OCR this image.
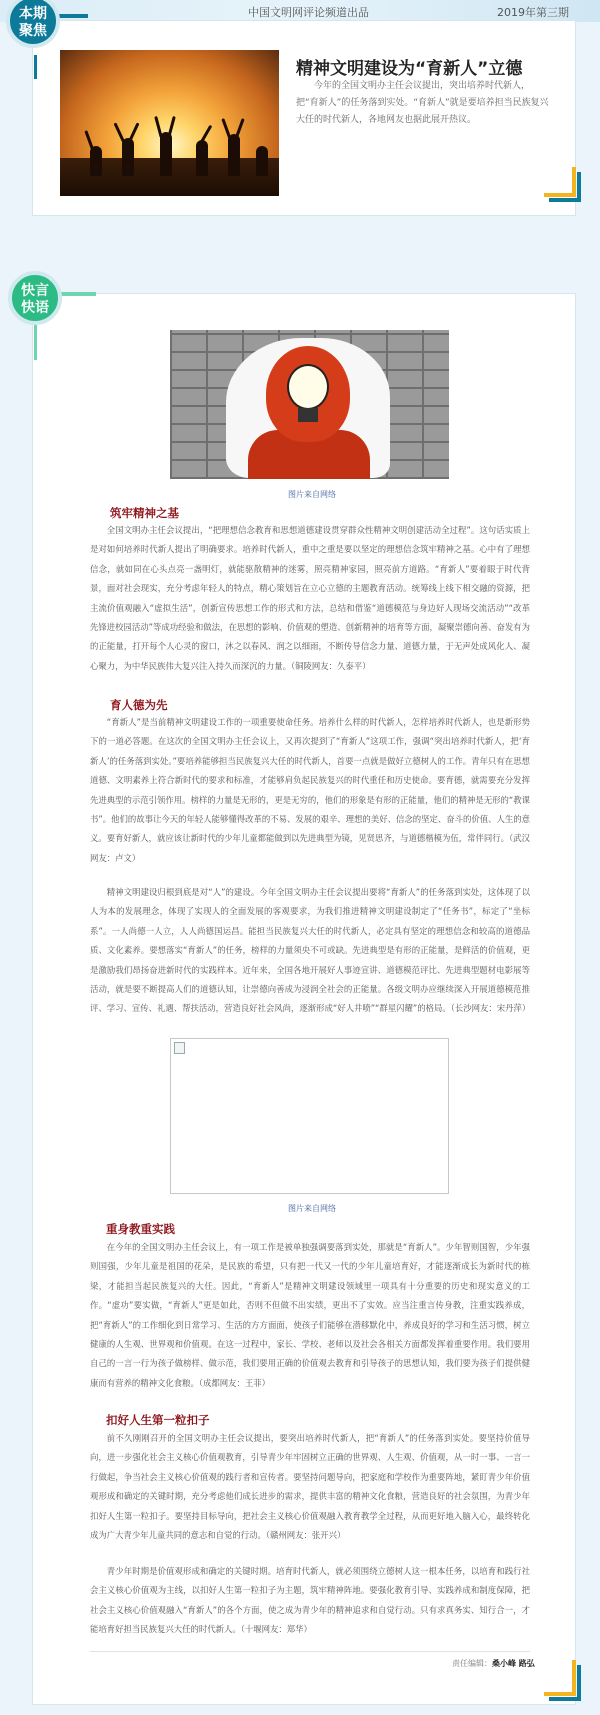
中国文明网评论频道出品	2019年第三期
本期
聚焦
精神文明建设为“育新人”立德
今年的全国文明办主任会议提出，突出培养时代新人，把“育新人”的任务落到实处。“育新人”就是要培养担当民族复兴大任的时代新人，各地网友也据此展开热议。
快言
快语
图片来自网络
筑牢精神之基
全国文明办主任会议提出，“把理想信念教育和思想道德建设贯穿群众性精神文明创建活动全过程”。这句话实质上是对如何培养时代新人提出了明确要求。培养时代新人，重中之重是要以坚定的理想信念筑牢精神之基。心中有了理想信念，就如同在心头点亮一盏明灯，就能驱散精神的迷雾，照亮精神家园，照亮前方道路。“育新人”要着眼于时代背景，面对社会现实，充分考虑年轻人的特点，精心策划旨在立心立德的主题教育活动。统筹线上线下相交融的资源，把主流价值观融入“虚拟生活”，创新宣传思想工作的形式和方法，总结和借鉴“道德模范与身边好人现场交流活动”“改革先锋进校园活动”等成功经验和做法，在思想的影响、价值观的塑造、创新精神的培育等方面，凝聚崇德向善、奋发有为的正能量，打开每个人心灵的窗口，沐之以春风、润之以细雨，不断传导信念力量、道德力量，于无声处成风化人、凝心聚力，为中华民族伟大复兴注入持久而深沉的力量。（铜陵网友：久泰平）
育人德为先
“育新人”是当前精神文明建设工作的一项重要使命任务。培养什么样的时代新人，怎样培养时代新人，也是新形势下的一道必答题。在这次的全国文明办主任会议上，又再次提到了“育新人”这项工作，强调“突出培养时代新人，把‘育新人’的任务落到实处。”要培养能够担当民族复兴大任的时代新人，首要一点就是做好立德树人的工作。青年只有在思想道德、文明素养上符合新时代的要求和标准，才能够肩负起民族复兴的时代重任和历史使命。要育德，就需要充分发挥先进典型的示范引领作用。榜样的力量是无形的，更是无穷的，他们的形象是有形的正能量，他们的精神是无形的“教课书”。他们的故事让今天的年轻人能够懂得改革的不易、发展的艰辛、理想的美好、信念的坚定、奋斗的价值、人生的意义。要育好新人，就应该让新时代的少年儿童都能做到以先进典型为镜，见贤思齐，与道德楷模为伍，常伴同行。（武汉网友：卢文）
精神文明建设归根到底是对“人”的建设。今年全国文明办主任会议提出要将“育新人”的任务落到实处，这体现了以人为本的发展理念，体现了实现人的全面发展的客观要求，为我们推进精神文明建设制定了“任务书”，标定了“坐标系”。一人尚德一人立，人人尚德国运昌。能担当民族复兴大任的时代新人，必定具有坚定的理想信念和较高的道德品质、文化素养。要想落实“育新人”的任务，榜样的力量须央不可或缺。先进典型是有形的正能量，是鲜活的价值观，更是激励我们昂扬奋进新时代的实践样本。近年来，全国各地开展好人事迹宣讲、道德模范评比、先进典型题材电影展等活动，就是要不断提高人们的道德认知，让崇德向善成为浸润全社会的正能量。各级文明办应继续深入开展道德模范推评、学习、宣传、礼遇、帮扶活动，营造良好社会风尚，逐渐形成“好人井喷”“群星闪耀”的格局。（长沙网友：宋丹萍）
图片来自网络
重身教重实践
在今年的全国文明办主任会议上，有一项工作是被单独强调要落到实处，那就是“育新人”。少年智则国智，少年强则国强，少年儿童是祖国的花朵，是民族的希望，只有把一代又一代的少年儿童培育好，才能逐渐成长为新时代的栋梁，才能担当起民族复兴的大任。因此，“育新人”是精神文明建设领域里一项具有十分重要的历史和现实意义的工作。“虚功”要实做，“育新人”更是如此，否则不但做不出实绩，更出不了实效。应当注重言传身教，注重实践养成，把“育新人”的工作细化到日常学习、生活的方方面面，使孩子们能够在潜移默化中，养成良好的学习和生活习惯，树立健康的人生观、世界观和价值观。在这一过程中，家长、学校、老师以及社会各相关方面都发挥着重要作用。我们要用自己的一言一行为孩子做榜样、做示范，我们要用正确的价值观去教育和引导孩子的思想认知，我们要为孩子们提供健康而有营养的精神文化食粮。（成都网友：王菲）
扣好人生第一粒扣子
前不久刚刚召开的全国文明办主任会议提出，要突出培养时代新人，把“育新人”的任务落到实处。要坚持价值导向，进一步强化社会主义核心价值观教育，引导青少年牢固树立正确的世界观、人生观、价值观，从一时一事、一言一行做起，争当社会主义核心价值观的践行者和宣传者。要坚持问题导向，把家庭和学校作为重要阵地，紧盯青少年价值观形成和确定的关键时期，充分考虑他们成长进步的需求，提供丰富的精神文化食粮，营造良好的社会氛围，为青少年扣好人生第一粒扣子。要坚持目标导向，把社会主义核心价值观融入教育教学全过程，从而更好地入脑入心，最终转化成为广大青少年儿童共同的意志和自觉的行动。（赣州网友：张开兴）
青少年时期是价值观形成和确定的关键时期。培育时代新人，就必须围绕立德树人这一根本任务，以培育和践行社会主义核心价值观为主线，以扣好人生第一粒扣子为主题，筑牢精神阵地。要强化教育引导、实践养成和制度保障，把社会主义核心价值观融入“育新人”的各个方面，使之成为青少年的精神追求和自觉行动。只有求真务实、知行合一，才能培育好担当民族复兴大任的时代新人。（十堰网友：郑华）
责任编辑：桑小峰 路弘
